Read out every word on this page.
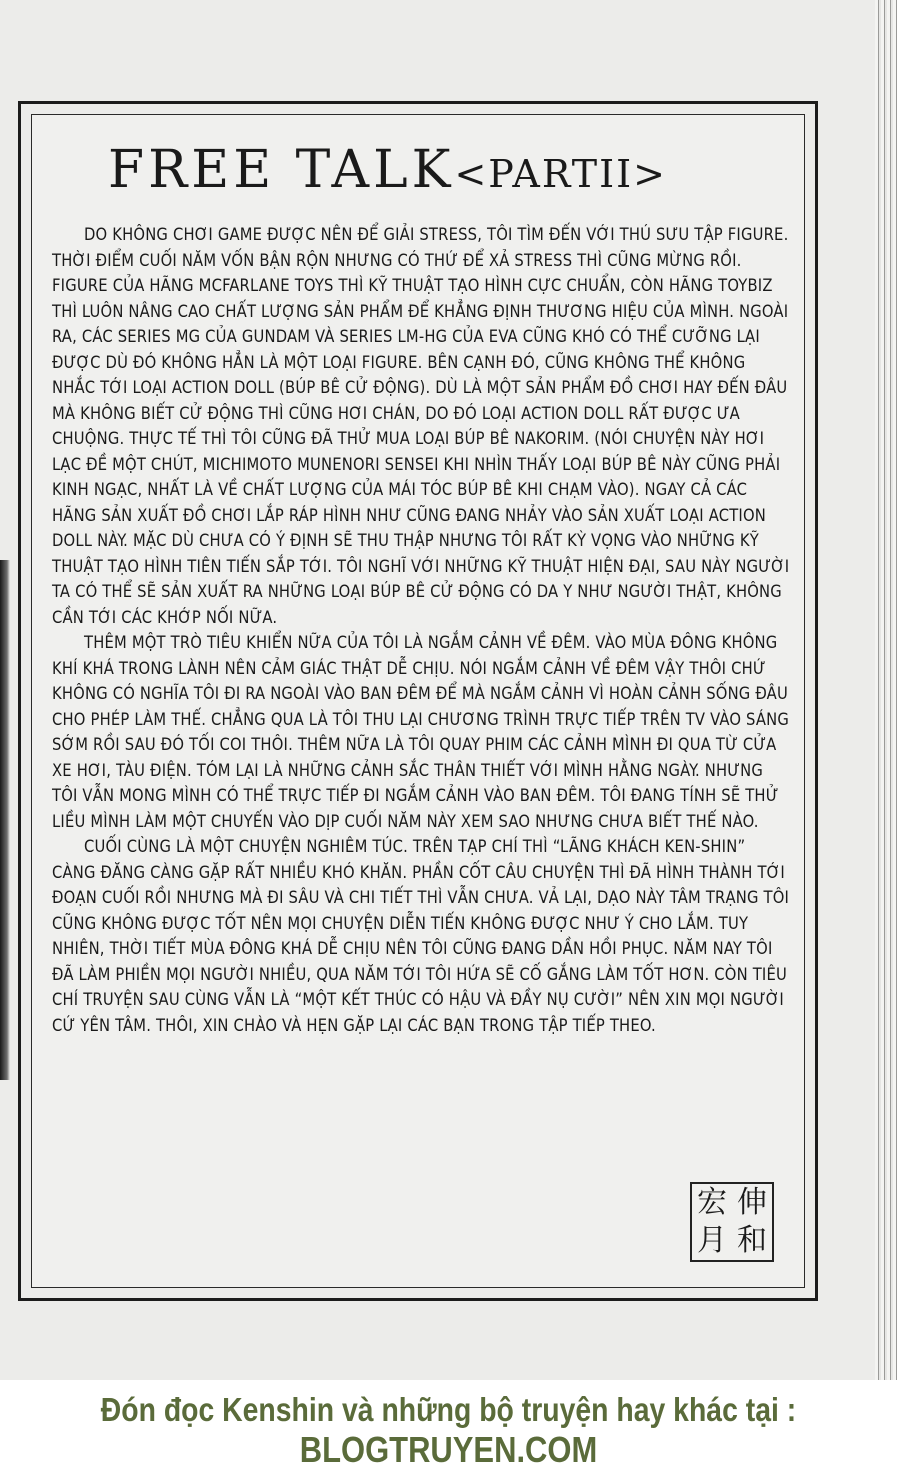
FREE TALK<PARTII>

DO KHÔNG CHƠI GAME ĐƯỢC NÊN ĐỂ GIẢI STRESS, TÔI TÌM ĐẾN VỚI THÚ SƯU TẬP FIGURE. THỜI ĐIỂM CUỐI NĂM VỐN BẬN RỘN NHƯNG CÓ THỨ ĐỂ XẢ STRESS THÌ CŨNG MỪNG RỒI. FIGURE CỦA HÃNG MCFARLANE TOYS THÌ KỸ THUẬT TẠO HÌNH CỰC CHUẨN, CÒN HÃNG TOYBIZ THÌ LUÔN NÂNG CAO CHẤT LƯỢNG SẢN PHẨM ĐỂ KHẲNG ĐỊNH THƯƠNG HIỆU CỦA MÌNH. NGOÀI RA, CÁC SERIES MG CỦA GUNDAM VÀ SERIES LM-HG CỦA EVA CŨNG KHÓ CÓ THỂ CƯỠNG LẠI ĐƯỢC DÙ ĐÓ KHÔNG HẲN LÀ MỘT LOẠI FIGURE. BÊN CẠNH ĐÓ, CŨNG KHÔNG THỂ KHÔNG NHẮC TỚI LOẠI ACTION DOLL (BÚP BÊ CỬ ĐỘNG). DÙ LÀ MỘT SẢN PHẨM ĐỒ CHƠI HAY ĐẾN ĐÂU MÀ KHÔNG BIẾT CỬ ĐỘNG THÌ CŨNG HƠI CHÁN, DO ĐÓ LOẠI ACTION DOLL RẤT ĐƯỢC ƯA CHUỘNG. THỰC TẾ THÌ TÔI CŨNG ĐÃ THỬ MUA LOẠI BÚP BÊ NAKORIM. (NÓI CHUYỆN NÀY HƠI LẠC ĐỀ MỘT CHÚT, MICHIMOTO MUNENORI SENSEI KHI NHÌN THẤY LOẠI BÚP BÊ NÀY CŨNG PHẢI KINH NGẠC, NHẤT LÀ VỀ CHẤT LƯỢNG CỦA MÁI TÓC BÚP BÊ KHI CHẠM VÀO). NGAY CẢ CÁC HÃNG SẢN XUẤT ĐỒ CHƠI LẮP RÁP HÌNH NHƯ CŨNG ĐANG NHẢY VÀO SẢN XUẤT LOẠI ACTION DOLL NÀY. MẶC DÙ CHƯA CÓ Ý ĐỊNH SẼ THU THẬP NHƯNG TÔI RẤT KỲ VỌNG VÀO NHỮNG KỸ THUẬT TẠO HÌNH TIÊN TIẾN SẮP TỚI. TÔI NGHĨ VỚI NHỮNG KỸ THUẬT HIỆN ĐẠI, SAU NÀY NGƯỜI TA CÓ THỂ SẼ SẢN XUẤT RA NHỮNG LOẠI BÚP BÊ CỬ ĐỘNG CÓ DA Y NHƯ NGƯỜI THẬT, KHÔNG CẦN TỚI CÁC KHỚP NỐI NỮA.

THÊM MỘT TRÒ TIÊU KHIỂN NỮA CỦA TÔI LÀ NGẮM CẢNH VỀ ĐÊM. VÀO MÙA ĐÔNG KHÔNG KHÍ KHÁ TRONG LÀNH NÊN CẢM GIÁC THẬT DỄ CHỊU. NÓI NGẮM CẢNH VỀ ĐÊM VẬY THÔI CHỨ KHÔNG CÓ NGHĨA TÔI ĐI RA NGOÀI VÀO BAN ĐÊM ĐỂ MÀ NGẮM CẢNH VÌ HOÀN CẢNH SỐNG ĐÂU CHO PHÉP LÀM THẾ. CHẲNG QUA LÀ TÔI THU LẠI CHƯƠNG TRÌNH TRỰC TIẾP TRÊN TV VÀO SÁNG SỚM RỒI SAU ĐÓ TỐI COI THÔI. THÊM NỮA LÀ TÔI QUAY PHIM CÁC CẢNH MÌNH ĐI QUA TỪ CỬA XE HƠI, TÀU ĐIỆN. TÓM LẠI LÀ NHỮNG CẢNH SẮC THÂN THIẾT VỚI MÌNH HẰNG NGÀY. NHƯNG TÔI VẪN MONG MÌNH CÓ THỂ TRỰC TIẾP ĐI NGẮM CẢNH VÀO BAN ĐÊM. TÔI ĐANG TÍNH SẼ THỬ LIỀU MÌNH LÀM MỘT CHUYẾN VÀO DỊP CUỐI NĂM NÀY XEM SAO NHƯNG CHƯA BIẾT THẾ NÀO.

CUỐI CÙNG LÀ MỘT CHUYỆN NGHIÊM TÚC. TRÊN TẠP CHÍ THÌ “LÃNG KHÁCH KEN-SHIN” CÀNG ĐĂNG CÀNG GẶP RẤT NHIỀU KHÓ KHĂN. PHẦN CỐT CÂU CHUYỆN THÌ ĐÃ HÌNH THÀNH TỚI ĐOẠN CUỐI RỒI NHƯNG MÀ ĐI SÂU VÀ CHI TIẾT THÌ VẪN CHƯA. VẢ LẠI, DẠO NÀY TÂM TRẠNG TÔI CŨNG KHÔNG ĐƯỢC TỐT NÊN MỌI CHUYỆN DIỄN TIẾN KHÔNG ĐƯỢC NHƯ Ý CHO LẮM. TUY NHIÊN, THỜI TIẾT MÙA ĐÔNG KHÁ DỄ CHỊU NÊN TÔI CŨNG ĐANG DẦN HỒI PHỤC. NĂM NAY TÔI ĐÃ LÀM PHIỀN MỌI NGƯỜI NHIỀU, QUA NĂM TỚI TÔI HỨA SẼ CỐ GẮNG LÀM TỐT HƠN. CÒN TIÊU CHÍ TRUYỆN SAU CÙNG VẪN LÀ “MỘT KẾT THÚC CÓ HẬU VÀ ĐẦY NỤ CƯỜI” NÊN XIN MỌI NGƯỜI CỨ YÊN TÂM. THÔI, XIN CHÀO VÀ HẸN GẶP LẠI CÁC BẠN TRONG TẬP TIẾP THEO.

伸
宏
和
月

Đón đọc Kenshin và những bộ truyện hay khác tại :

BLOGTRUYEN.COM
